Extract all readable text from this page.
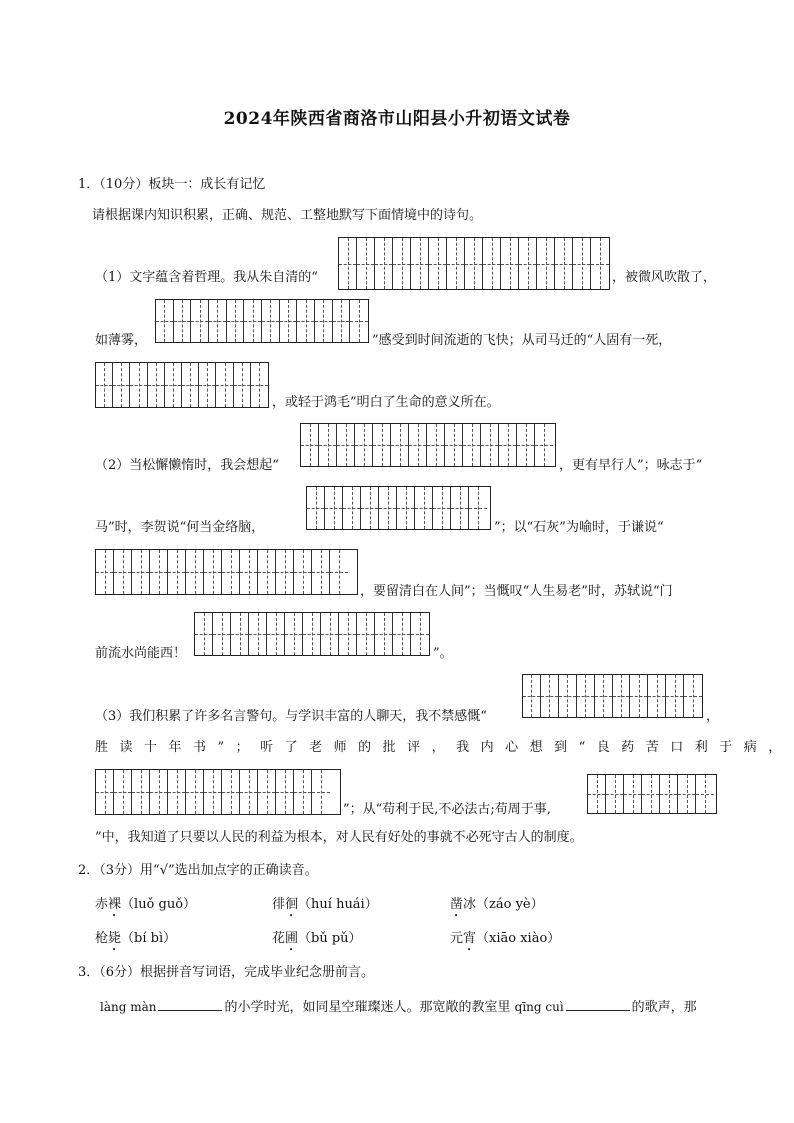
2024年陕西省商洛市山阳县小升初语文试卷
1．（10分）板块一：成长有记忆
请根据课内知识积累，正确、规范、工整地默写下面情境中的诗句。
（1）文字蕴含着哲理。我从朱自清的“	，被微风吹散了，
如薄雾，	”感受到时间流逝的飞快；从司马迁的“人固有一死，
，或轻于鸿毛”明白了生命的意义所在。
（2）当松懈懒惰时，我会想起“	，更有早行人”；咏志于“
马”时，李贺说“何当金络脑，	”；以“石灰”为喻时，于谦说“
，要留清白在人间”；当慨叹“人生易老”时，苏轼说“门
前流水尚能西！	”。
（3）我们积累了许多名言警句。与学识丰富的人聊天，我不禁感慨“	，
胜读十年书”；听了老师的批评，我内心想到“良药苦口利于病，
”；从“苟利于民,不必法古;苟周于事,
”中，我知道了只要以人民的利益为根本，对人民有好处的事就不必死守古人的制度。
2．（3分）用“√”选出加点字的正确读音。
赤裸（luǒ guǒ）	徘徊（huí huái）	凿冰（záo yè）
枪毙（bí bì）	花圃（bǔ pǔ）	元宵（xiāo xiào）
3．（6分）根据拼音写词语，完成毕业纪念册前言。
làng màn	的小学时光，如同星空璀璨迷人。那宽敞的教室里 qīng cuì	的歌声，那
